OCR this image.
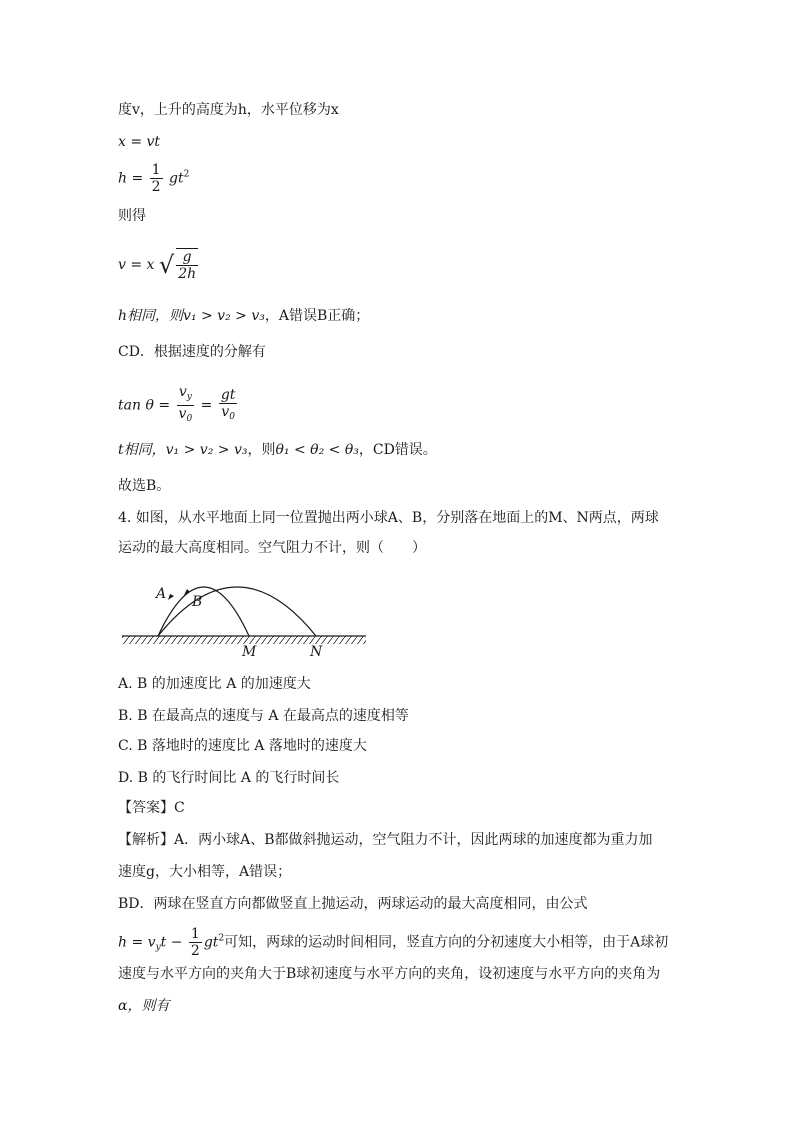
度v，上升的高度为h，水平位移为x
x = vt
$h = \frac{1}{2} gt^2$
则得
v = x √ $\frac{g}{2h}$
h相同，则v₁ > v₂ > v₃，A错误B正确；
CD．根据速度的分解有
$\tan \theta = \frac{v_y}{v_0} = \frac{gt}{v_0}$
t相同，v₁ > v₂ > v₃，则θ₁ < θ₂ < θ₃，CD错误。
故选B。
4. 如图，从水平地面上同一位置抛出两小球A、B，分别落在地面上的M、N两点，两球
运动的最大高度相同。空气阻力不计，则（　　）
A B
M	N
A. B 的加速度比 A 的加速度大
B. B 在最高点的速度与 A 在最高点的速度相等
C. B 落地时的速度比 A 落地时的速度大
D. B 的飞行时间比 A 的飞行时间长
【答案】C
【解析】A．两小球A、B都做斜抛运动，空气阻力不计，因此两球的加速度都为重力加
速度g，大小相等，A错误；
BD．两球在竖直方向都做竖直上抛运动，两球运动的最大高度相同，由公式
$h = v_yt - \frac{1}{2} gt^2$可知，两球的运动时间相同，竖直方向的分初速度大小相等，由于A球初
速度与水平方向的夹角大于B球初速度与水平方向的夹角，设初速度与水平方向的夹角为
α，则有
